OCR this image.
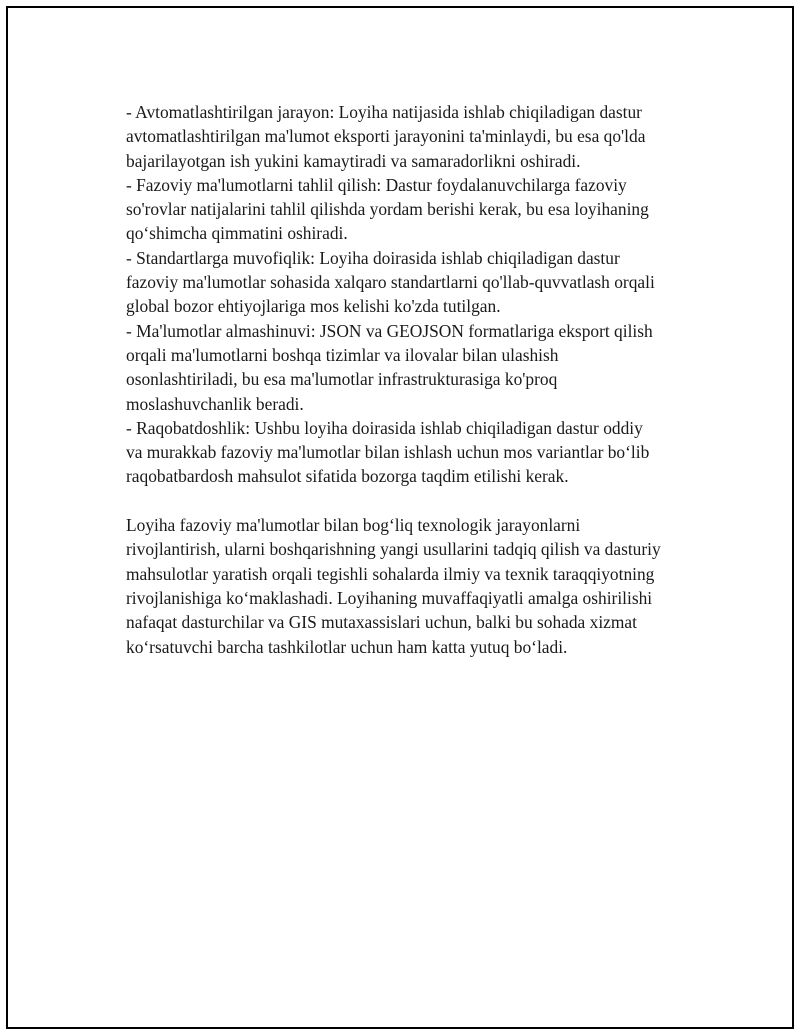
- Avtomatlashtirilgan jarayon: Loyiha natijasida ishlab chiqiladigan dastur
avtomatlashtirilgan ma'lumot eksporti jarayonini ta'minlaydi, bu esa qo'lda
bajarilayotgan ish yukini kamaytiradi va samaradorlikni oshiradi.
- Fazoviy ma'lumotlarni tahlil qilish: Dastur foydalanuvchilarga fazoviy
so'rovlar natijalarini tahlil qilishda yordam berishi kerak, bu esa loyihaning
qo‘shimcha qimmatini oshiradi.
- Standartlarga muvofiqlik: Loyiha doirasida ishlab chiqiladigan dastur
fazoviy ma'lumotlar sohasida xalqaro standartlarni qo'llab-quvvatlash orqali
global bozor ehtiyojlariga mos kelishi ko'zda tutilgan.
- Ma'lumotlar almashinuvi: JSON va GEOJSON formatlariga eksport qilish
orqali ma'lumotlarni boshqa tizimlar va ilovalar bilan ulashish
osonlashtiriladi, bu esa ma'lumotlar infrastrukturasiga ko'proq
moslashuvchanlik beradi.
- Raqobatdoshlik: Ushbu loyiha doirasida ishlab chiqiladigan dastur oddiy
va murakkab fazoviy ma'lumotlar bilan ishlash uchun mos variantlar bo‘lib
raqobatbardosh mahsulot sifatida bozorga taqdim etilishi kerak.
Loyiha fazoviy ma'lumotlar bilan bog‘liq texnologik jarayonlarni
rivojlantirish, ularni boshqarishning yangi usullarini tadqiq qilish va dasturiy
mahsulotlar yaratish orqali tegishli sohalarda ilmiy va texnik taraqqiyotning
rivojlanishiga ko‘maklashadi. Loyihaning muvaffaqiyatli amalga oshirilishi
nafaqat dasturchilar va GIS mutaxassislari uchun, balki bu sohada xizmat
ko‘rsatuvchi barcha tashkilotlar uchun ham katta yutuq bo‘ladi.
